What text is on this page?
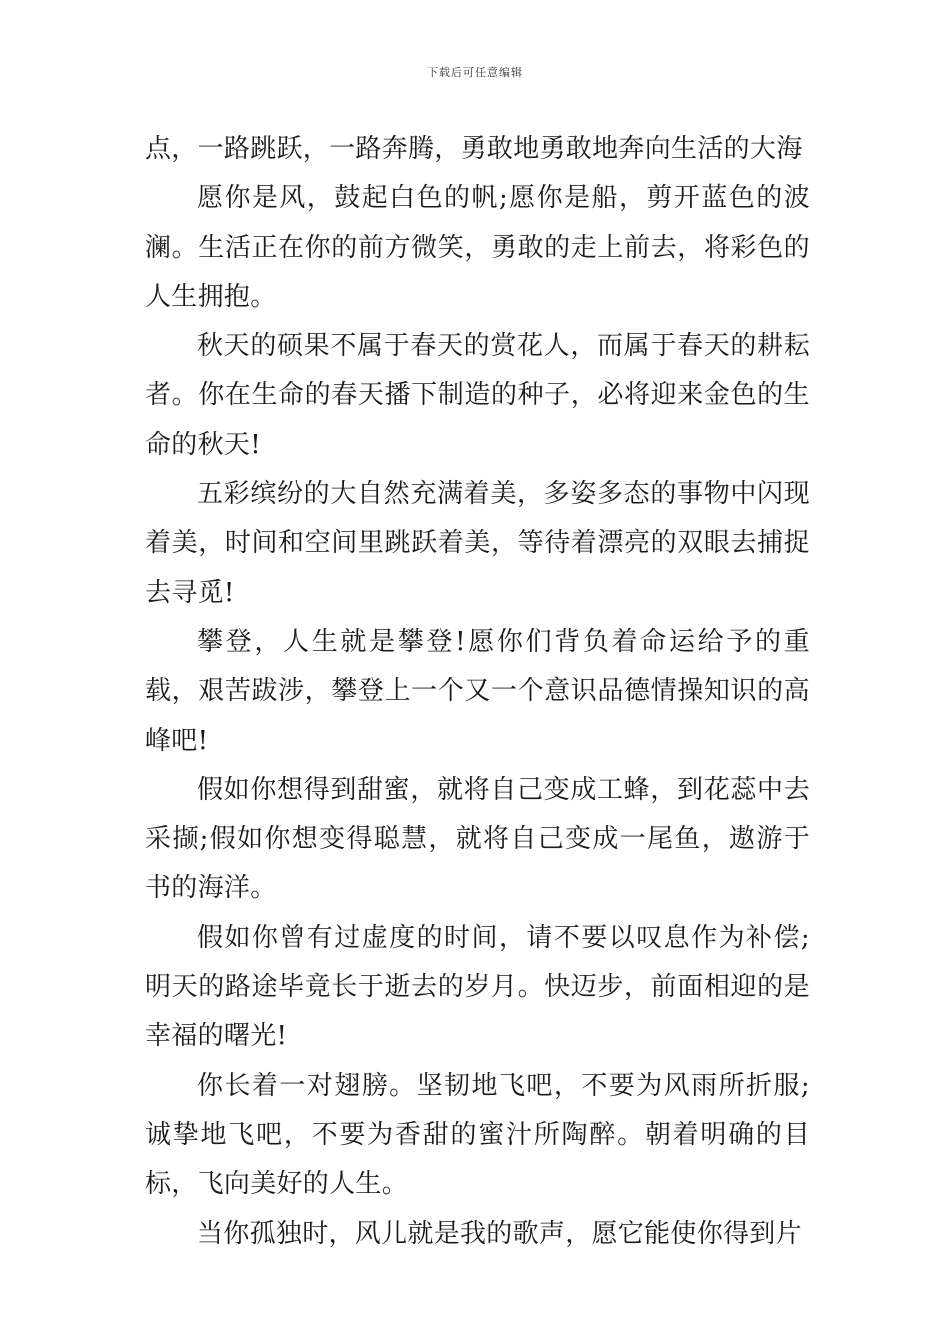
下载后可任意编辑

点，一路跳跃，一路奔腾，勇敢地勇敢地奔向生活的大海

愿你是风，鼓起白色的帆;愿你是船，剪开蓝色的波澜。生活正在你的前方微笑，勇敢的走上前去，将彩色的人生拥抱。

秋天的硕果不属于春天的赏花人，而属于春天的耕耘者。你在生命的春天播下制造的种子，必将迎来金色的生命的秋天!

五彩缤纷的大自然充满着美，多姿多态的事物中闪现着美，时间和空间里跳跃着美，等待着漂亮的双眼去捕捉去寻觅!

攀登，人生就是攀登!愿你们背负着命运给予的重载，艰苦跋涉，攀登上一个又一个意识品德情操知识的高峰吧!

假如你想得到甜蜜，就将自己变成工蜂，到花蕊中去采撷;假如你想变得聪慧，就将自己变成一尾鱼，遨游于书的海洋。

假如你曾有过虚度的时间，请不要以叹息作为补偿;明天的路途毕竟长于逝去的岁月。快迈步，前面相迎的是幸福的曙光!

你长着一对翅膀。坚韧地飞吧，不要为风雨所折服;诚挚地飞吧，不要为香甜的蜜汁所陶醉。朝着明确的目标，飞向美好的人生。

当你孤独时，风儿就是我的歌声，愿它能使你得到片
